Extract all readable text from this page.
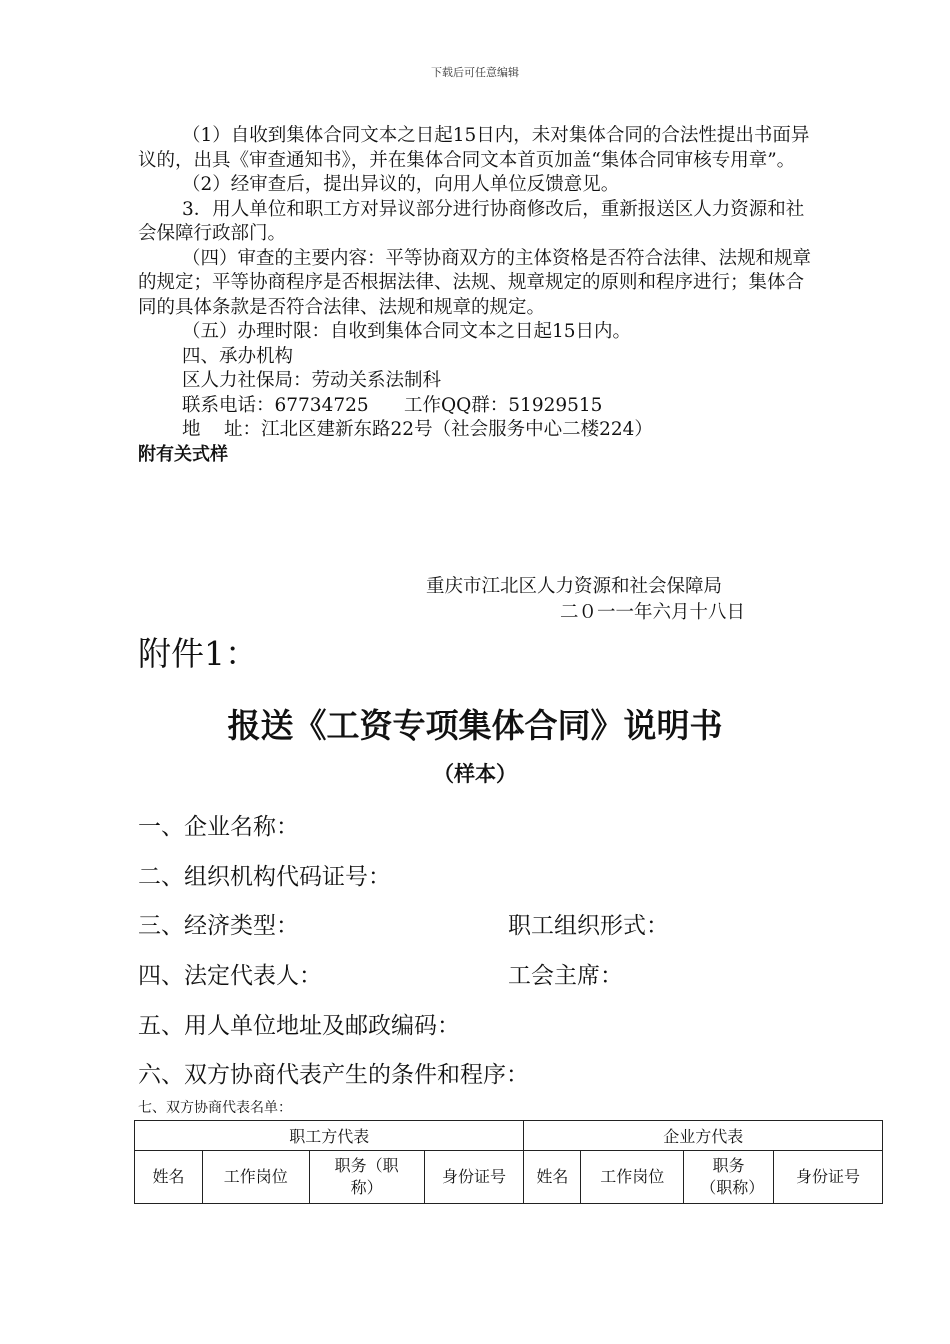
下载后可任意编辑

（1）自收到集体合同文本之日起15日内，未对集体合同的合法性提出书面异议的，出具《审查通知书》，并在集体合同文本首页加盖“集体合同审核专用章”。

（2）经审查后，提出异议的，向用人单位反馈意见。

3．用人单位和职工方对异议部分进行协商修改后，重新报送区人力资源和社会保障行政部门。

（四）审查的主要内容：平等协商双方的主体资格是否符合法律、法规和规章的规定；平等协商程序是否根据法律、法规、规章规定的原则和程序进行；集体合同的具体条款是否符合法律、法规和规章的规定。

（五）办理时限：自收到集体合同文本之日起15日内。

四、承办机构

区人力社保局：劳动关系法制科

联系电话：67734725      工作QQ群：51929515

地    址：江北区建新东路22号（社会服务中心二楼224）

附有关式样

重庆市江北区人力资源和社会保障局
二０一一年六月十八日
附件1：
报送《工资专项集体合同》说明书
（样本）
一、企业名称：
二、组织机构代码证号：
三、经济类型：	职工组织形式：
四、法定代表人：	工会主席：
五、用人单位地址及邮政编码：
六、双方协商代表产生的条件和程序：
七、双方协商代表名单：
职工方代表				企业方代表			
姓名	工作岗位	职务（职称）	身份证号	姓名	工作岗位	职务（职称）	身份证号
